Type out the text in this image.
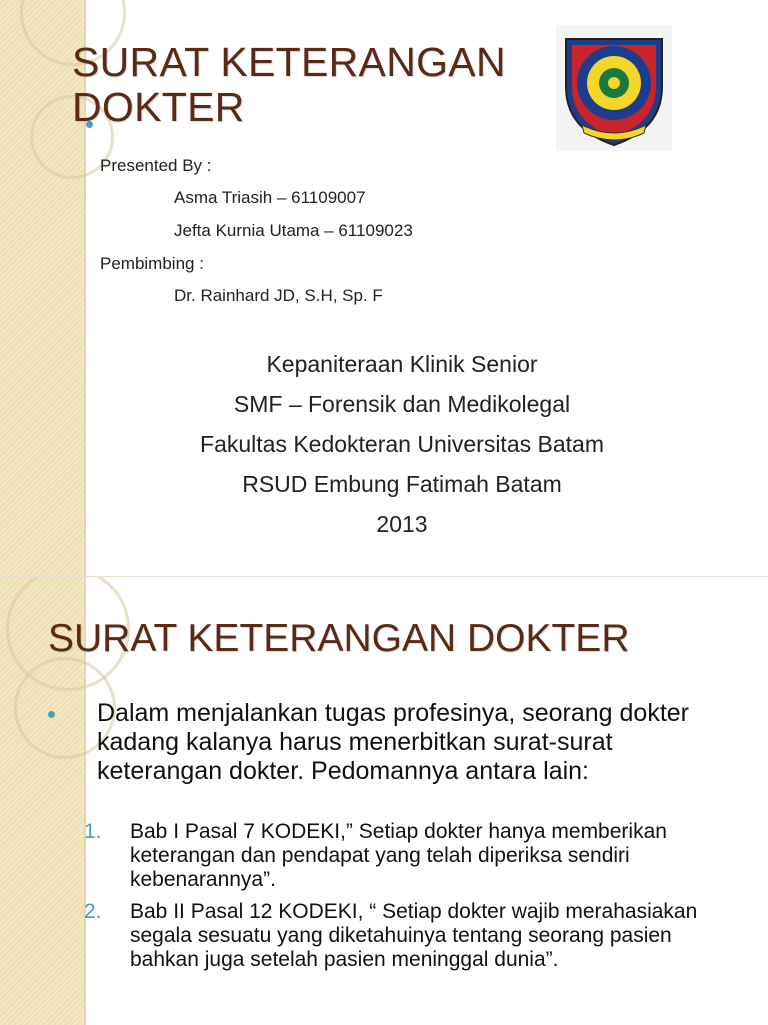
SURAT KETERANGAN
DOKTER
Presented By :
Asma Triasih – 61109007
Jefta Kurnia Utama – 61109023
Pembimbing :
Dr. Rainhard JD, S.H, Sp. F
Kepaniteraan Klinik Senior
SMF – Forensik dan Medikolegal
Fakultas Kedokteran Universitas Batam
RSUD Embung Fatimah Batam
2013
SURAT KETERANGAN DOKTER
Dalam menjalankan tugas profesinya, seorang dokter kadang kalanya harus menerbitkan surat-surat keterangan dokter. Pedomannya antara lain:
1. Bab I Pasal 7 KODEKI,” Setiap dokter hanya memberikan keterangan dan pendapat yang telah diperiksa sendiri kebenarannya”.
2. Bab II Pasal 12 KODEKI, “ Setiap dokter wajib merahasiakan segala sesuatu yang diketahuinya tentang seorang pasien bahkan juga setelah pasien meninggal dunia”.
